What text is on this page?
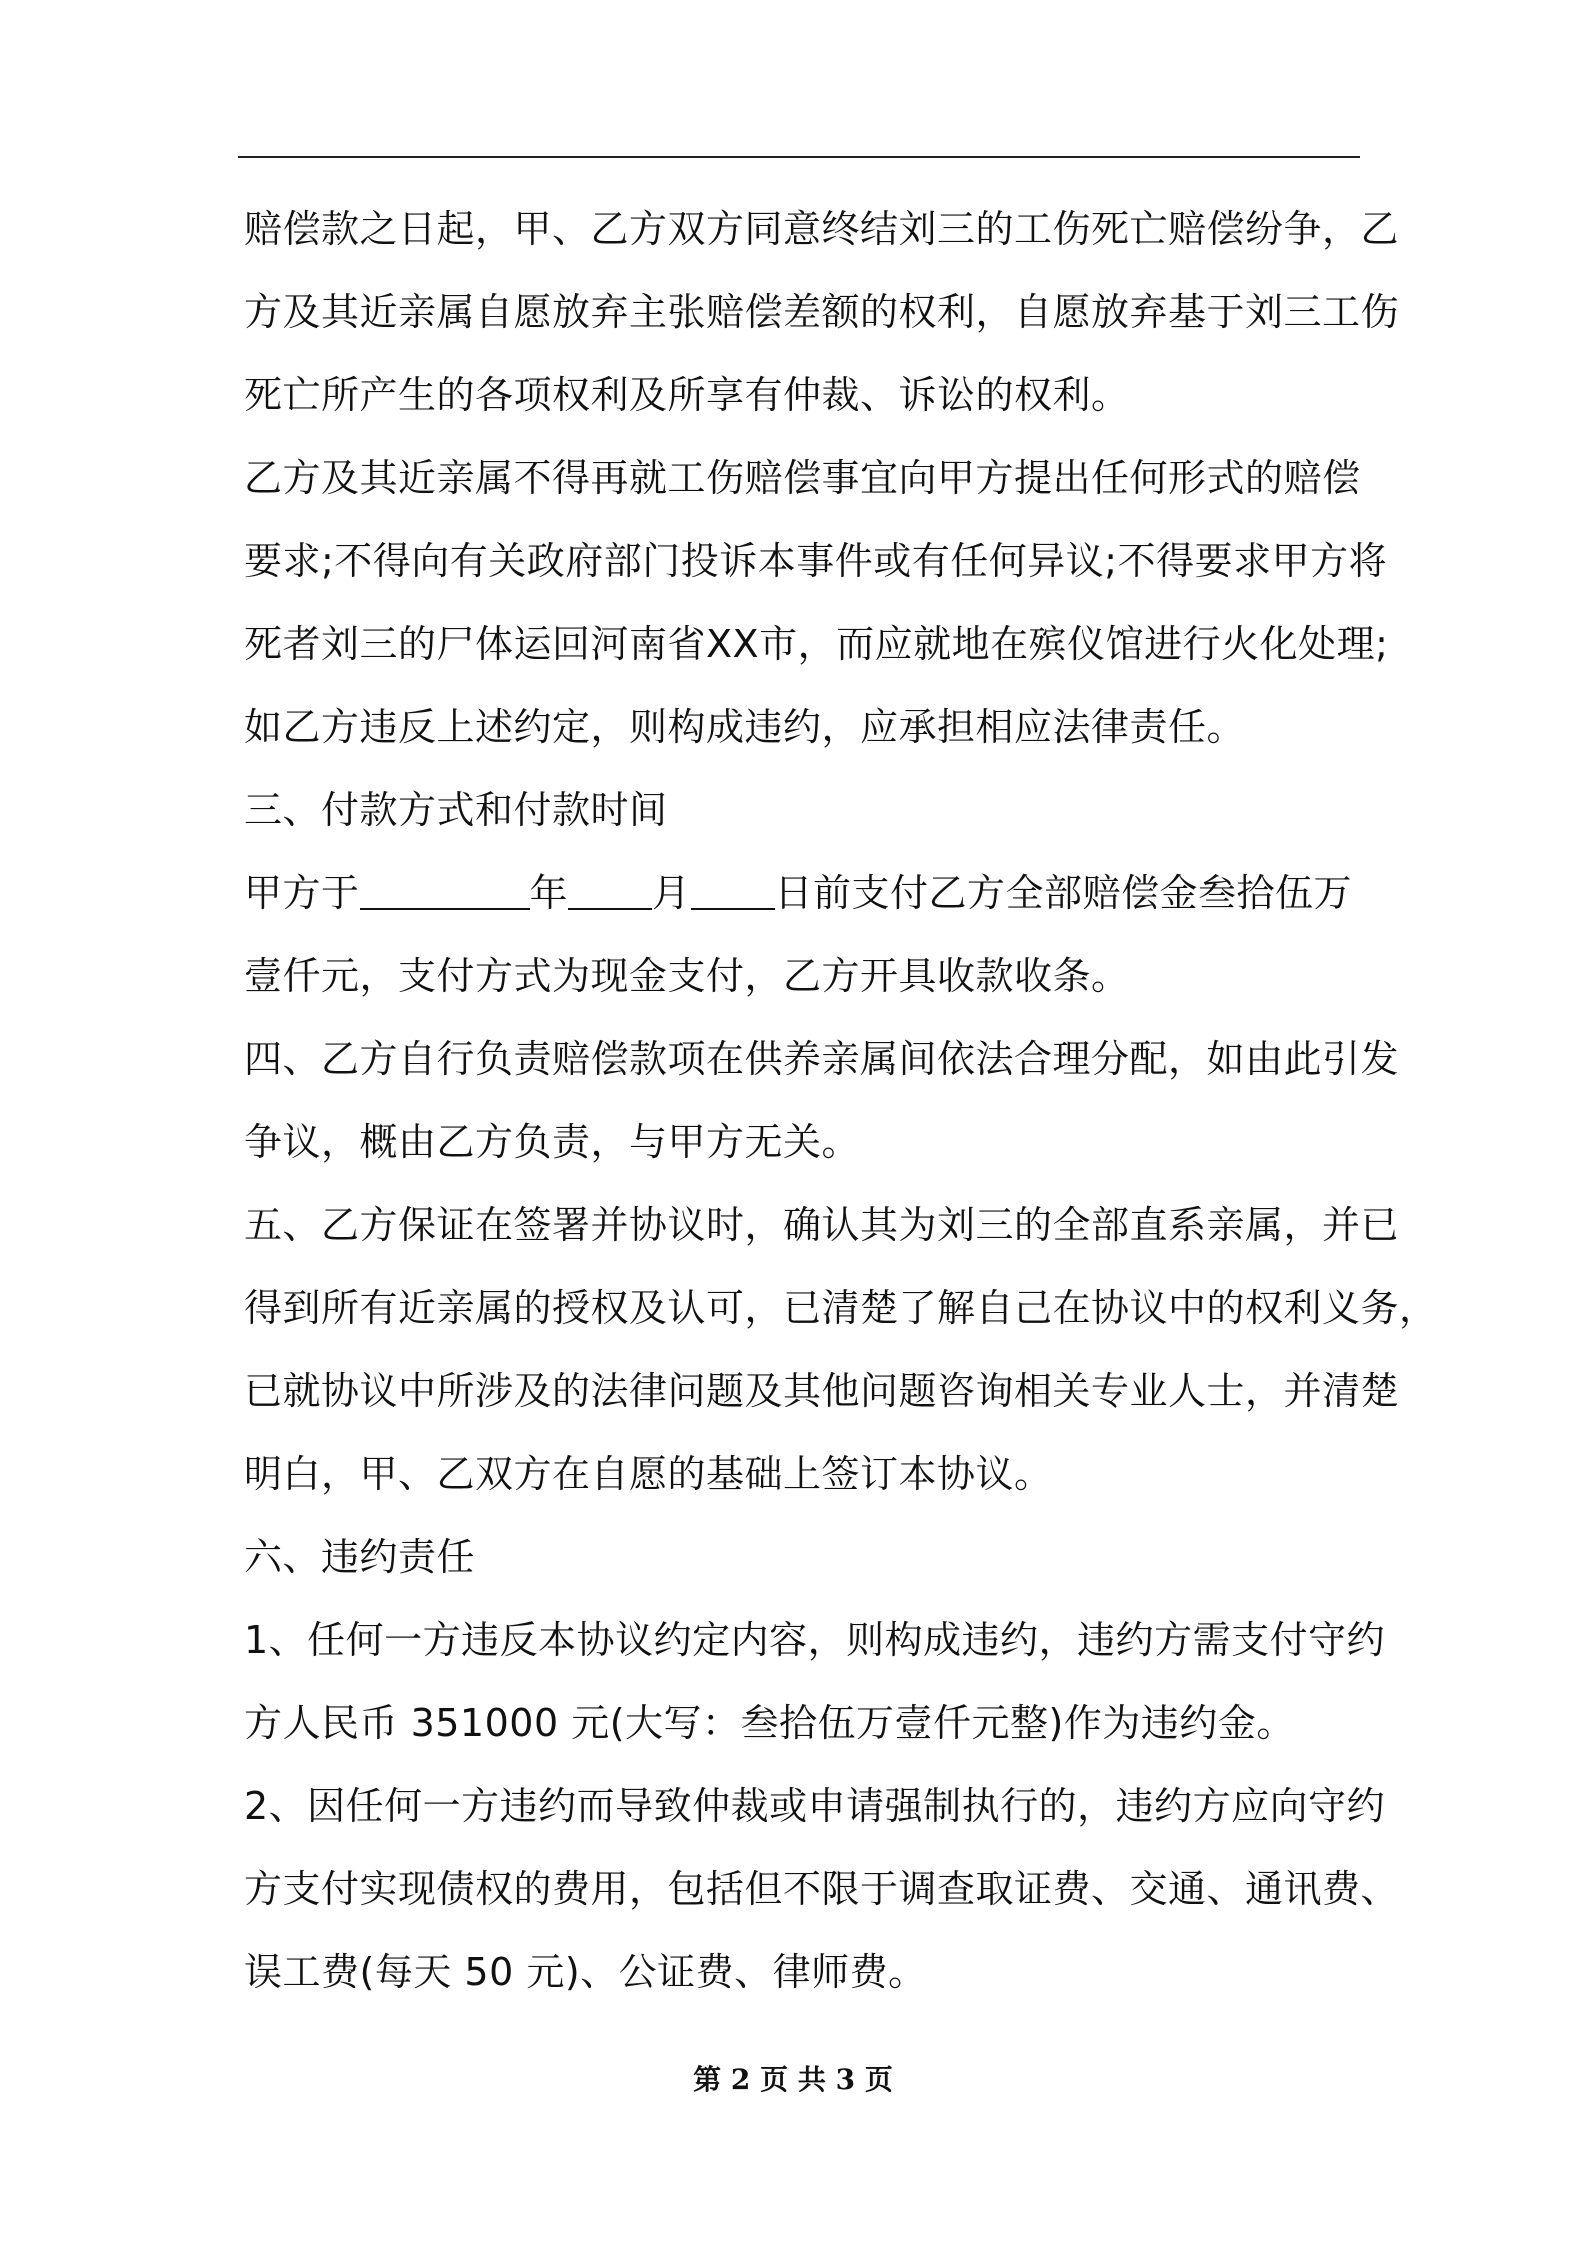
赔偿款之日起，甲、乙方双方同意终结刘三的工伤死亡赔偿纷争，乙
方及其近亲属自愿放弃主张赔偿差额的权利，自愿放弃基于刘三工伤
死亡所产生的各项权利及所享有仲裁、诉讼的权利。
乙方及其近亲属不得再就工伤赔偿事宜向甲方提出任何形式的赔偿
要求;不得向有关政府部门投诉本事件或有任何异议;不得要求甲方将
死者刘三的尸体运回河南省XX市，而应就地在殡仪馆进行火化处理;
如乙方违反上述约定，则构成违约，应承担相应法律责任。
三、付款方式和付款时间
甲方于	年 月 日前支付乙方全部赔偿金叁拾伍万
壹仟元，支付方式为现金支付，乙方开具收款收条。
四、乙方自行负责赔偿款项在供养亲属间依法合理分配，如由此引发
争议，概由乙方负责，与甲方无关。
五、乙方保证在签署并协议时，确认其为刘三的全部直系亲属，并已
得到所有近亲属的授权及认可，已清楚了解自己在协议中的权利义务，
已就协议中所涉及的法律问题及其他问题咨询相关专业人士，并清楚
明白，甲、乙双方在自愿的基础上签订本协议。
六、违约责任
1、任何一方违反本协议约定内容，则构成违约，违约方需支付守约
方人民币 351000 元(大写：叁拾伍万壹仟元整)作为违约金。
2、因任何一方违约而导致仲裁或申请强制执行的，违约方应向守约
方支付实现债权的费用，包括但不限于调查取证费、交通、通讯费、
误工费(每天 50 元)、公证费、律师费。
第 2 页 共 3 页
